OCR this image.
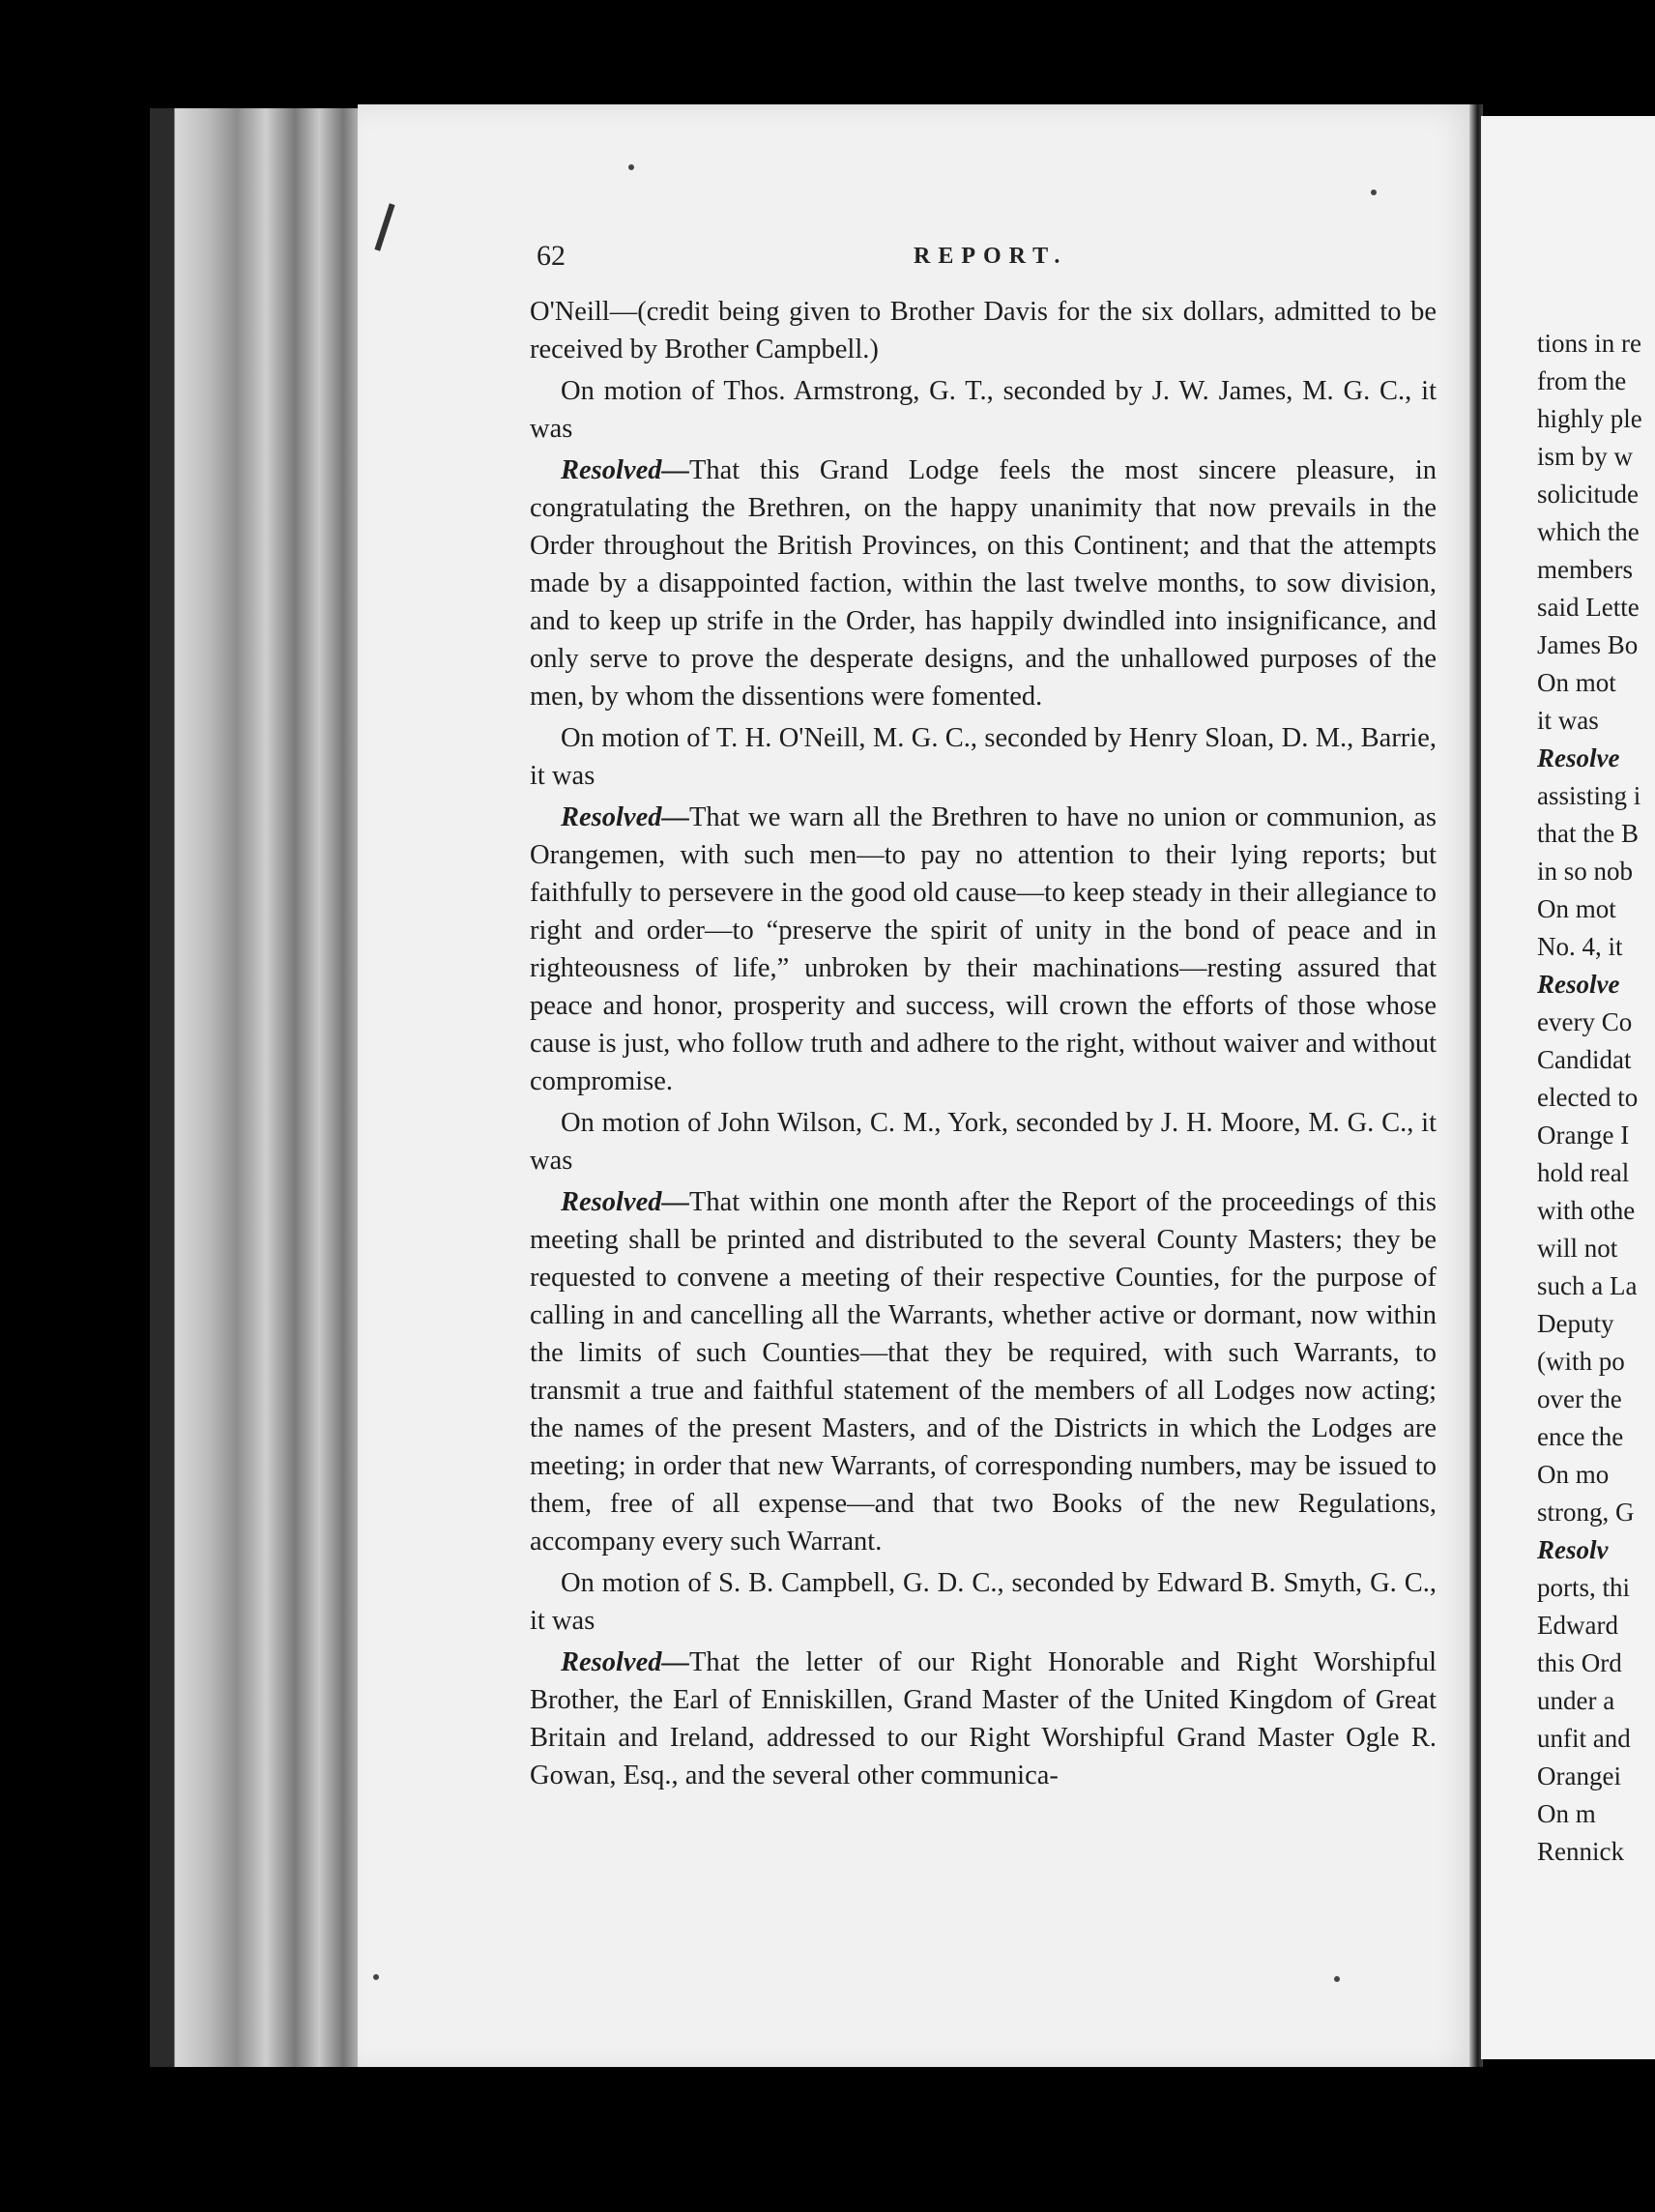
62	REPORT.

O'Neill—(credit being given to Brother Davis for the six dollars, admitted to be received by Brother Campbell.)

On motion of Thos. Armstrong, G. T., seconded by J. W. James, M. G. C., it was

Resolved—That this Grand Lodge feels the most sincere pleasure, in congratulating the Brethren, on the happy unanimity that now prevails in the Order throughout the British Provinces, on this Continent; and that the attempts made by a disappointed faction, within the last twelve months, to sow division, and to keep up strife in the Order, has happily dwindled into insignificance, and only serve to prove the desperate designs, and the unhallowed purposes of the men, by whom the dissentions were fomented.

On motion of T. H. O'Neill, M. G. C., seconded by Henry Sloan, D. M., Barrie, it was

Resolved—That we warn all the Brethren to have no union or communion, as Orangemen, with such men—to pay no attention to their lying reports; but faithfully to persevere in the good old cause—to keep steady in their allegiance to right and order—to “preserve the spirit of unity in the bond of peace and in righteousness of life,” unbroken by their machinations—resting assured that peace and honor, prosperity and success, will crown the efforts of those whose cause is just, who follow truth and adhere to the right, without waiver and without compromise.

On motion of John Wilson, C. M., York, seconded by J. H. Moore, M. G. C., it was

Resolved—That within one month after the Report of the proceedings of this meeting shall be printed and distributed to the several County Masters; they be requested to convene a meeting of their respective Counties, for the purpose of calling in and cancelling all the Warrants, whether active or dormant, now within the limits of such Counties—that they be required, with such Warrants, to transmit a true and faithful statement of the members of all Lodges now acting; the names of the present Masters, and of the Districts in which the Lodges are meeting; in order that new Warrants, of corresponding numbers, may be issued to them, free of all expense—and that two Books of the new Regulations, accompany every such Warrant.

On motion of S. B. Campbell, G. D. C., seconded by Edward B. Smyth, G. C., it was

Resolved—That the letter of our Right Honorable and Right Worshipful Brother, the Earl of Enniskillen, Grand Master of the United Kingdom of Great Britain and Ireland, addressed to our Right Worshipful Grand Master Ogle R. Gowan, Esq., and the several other communica-

tions in re
from the
highly ple
ism by w
solicitude
which the
members
said Lette
James Bo
On mot
it was
Resolve
assisting i
that the B
in so nob
On mot
No. 4, it
Resolve
every Co
Candidat
elected to
Orange I
hold real
with othe
will not
such a La
Deputy
(with po
over the
ence the
On mo
strong, G
Resolv
ports, thi
Edward
this Ord
under a
unfit and
Orangei
On m
Rennick
